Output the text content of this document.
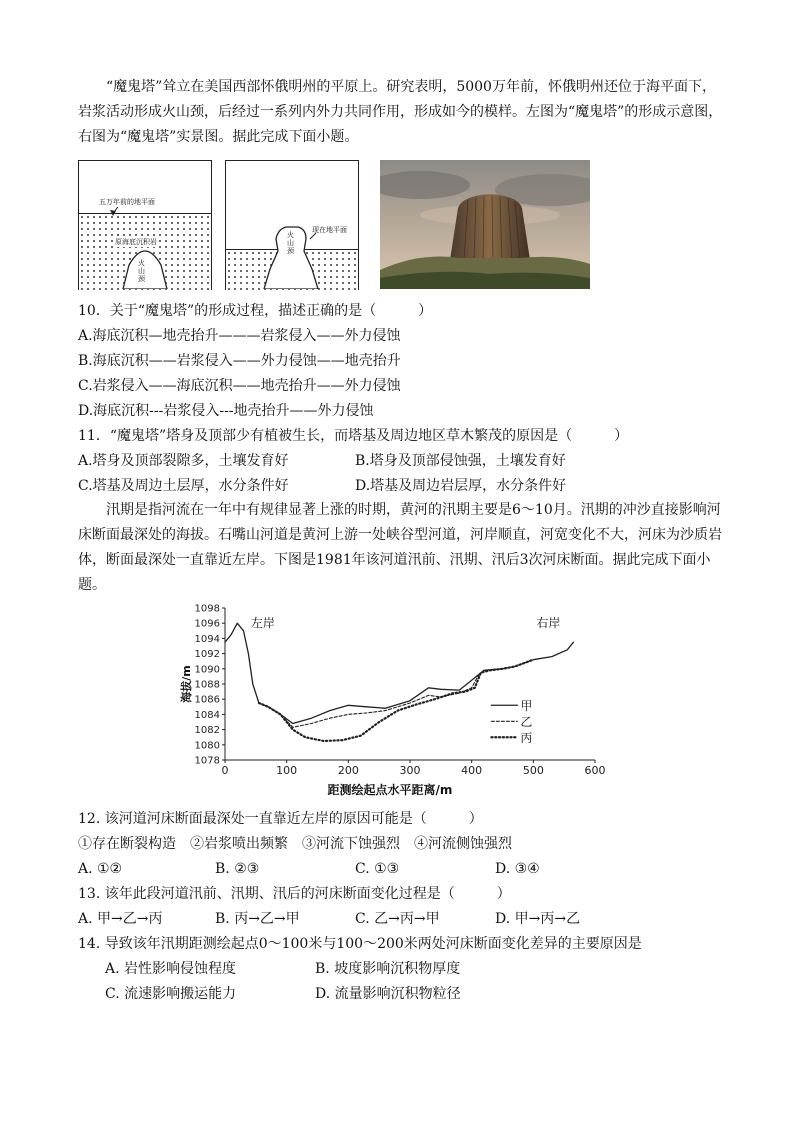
“魔鬼塔”耸立在美国西部怀俄明州的平原上。研究表明，5000万年前，怀俄明州还位于海平面下，岩浆活动形成火山颈，后经过一系列内外力共同作用，形成如今的模样。左图为“魔鬼塔”的形成示意图，右图为“魔鬼塔”实景图。据此完成下面小题。

五万年前的地平面
原海底沉积岩
火山颈
火山颈
现在地平面
10．关于“魔鬼塔”的形成过程，描述正确的是（　　　）
A.海底沉积—地壳抬升———岩浆侵入——外力侵蚀
B.海底沉积——岩浆侵入——外力侵蚀——地壳抬升
C.岩浆侵入——海底沉积——地壳抬升——外力侵蚀
D.海底沉积---岩浆侵入---地壳抬升——外力侵蚀
11．“魔鬼塔”塔身及顶部少有植被生长，而塔基及周边地区草木繁茂的原因是（　　　）
A.塔身及顶部裂隙多，土壤发育好	B.塔身及顶部侵蚀强，土壤发育好
C.塔基及周边土层厚，水分条件好	D.塔基及周边岩层厚，水分条件好

汛期是指河流在一年中有规律显著上涨的时期，黄河的汛期主要是6～10月。汛期的冲沙直接影响河床断面最深处的海拔。石嘴山河道是黄河上游一处峡谷型河道，河岸顺直，河宽变化不大，河床为沙质岩体，断面最深处一直靠近左岸。下图是1981年该河道汛前、汛期、汛后3次河床断面。据此完成下面小题。

1078
1080
1082
1084
1086
1088
1090
1092
1094
1096
1098
0	100	200	300	400	500	600
距测绘起点水平距离/m
海拔/m
左岸	右岸
甲
乙
丙
12. 该河道河床断面最深处一直靠近左岸的原因可能是（　　　）
①存在断裂构造　②岩浆喷出频繁　③河流下蚀强烈　④河流侧蚀强烈
A. ①②	B. ②③	C. ①③	D. ③④
13. 该年此段河道汛前、汛期、汛后的河床断面变化过程是（　　　）
A. 甲→乙→丙	B. 丙→乙→甲	C. 乙→丙→甲	D. 甲→丙→乙
14. 导致该年汛期距测绘起点0～100米与100～200米两处河床断面变化差异的主要原因是
A. 岩性影响侵蚀程度	B. 坡度影响沉积物厚度
C. 流速影响搬运能力	D. 流量影响沉积物粒径
